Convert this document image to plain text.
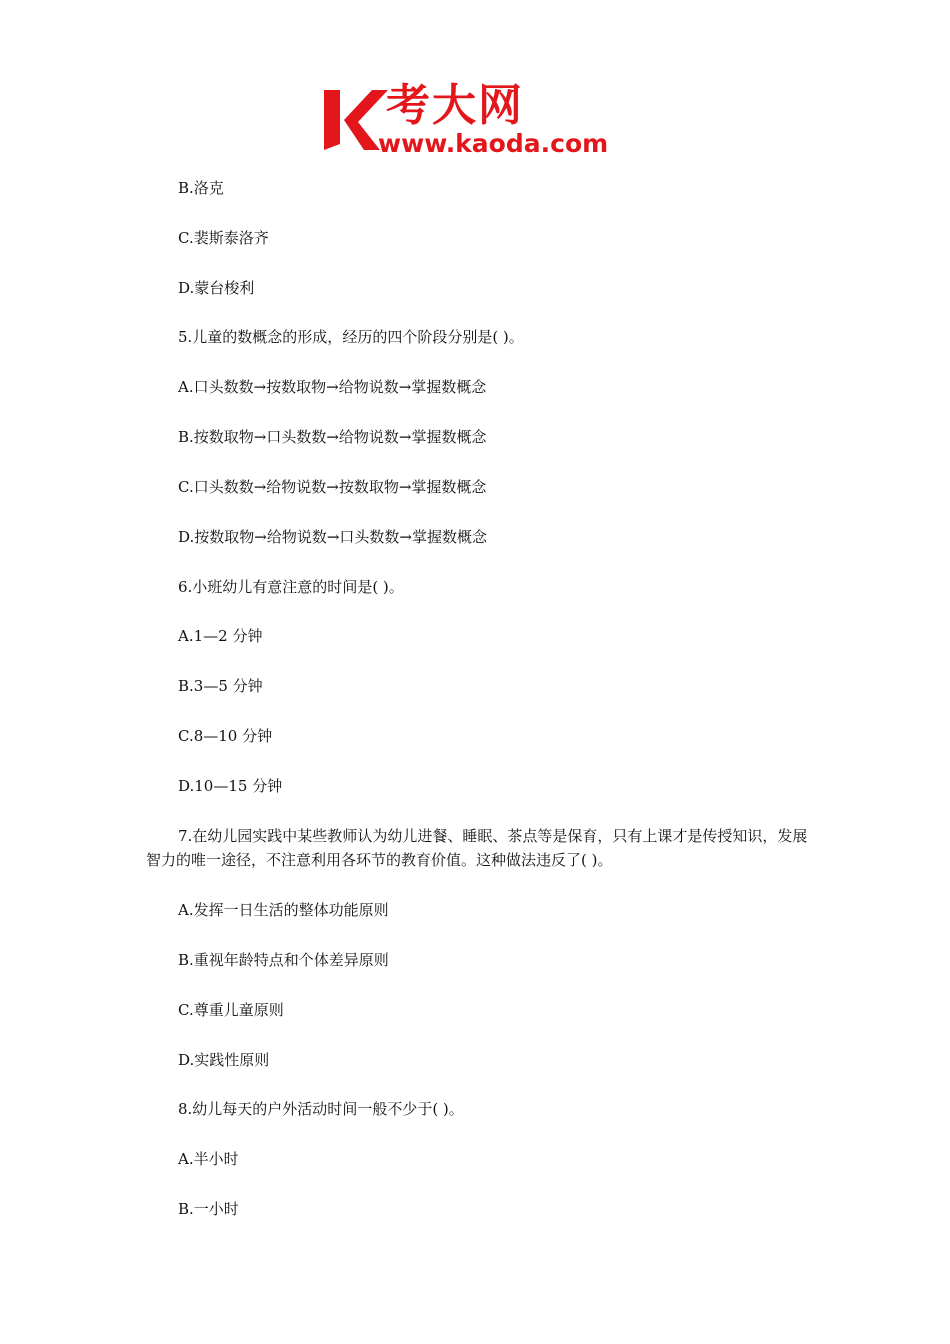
考大网
www.kaoda.com
B.洛克
C.裴斯泰洛齐
D.蒙台梭利
5.儿童的数概念的形成，经历的四个阶段分别是( )。
A.口头数数→按数取物→给物说数→掌握数概念
B.按数取物→口头数数→给物说数→掌握数概念
C.口头数数→给物说数→按数取物→掌握数概念
D.按数取物→给物说数→口头数数→掌握数概念
6.小班幼儿有意注意的时间是( )。
A.1—2 分钟
B.3—5 分钟
C.8—10 分钟
D.10—15 分钟
7.在幼儿园实践中某些教师认为幼儿进餐、睡眠、茶点等是保育，只有上课才是传授知识，发展智力的唯一途径，不注意利用各环节的教育价值。这种做法违反了( )。
A.发挥一日生活的整体功能原则
B.重视年龄特点和个体差异原则
C.尊重儿童原则
D.实践性原则
8.幼儿每天的户外活动时间一般不少于( )。
A.半小时
B.一小时
